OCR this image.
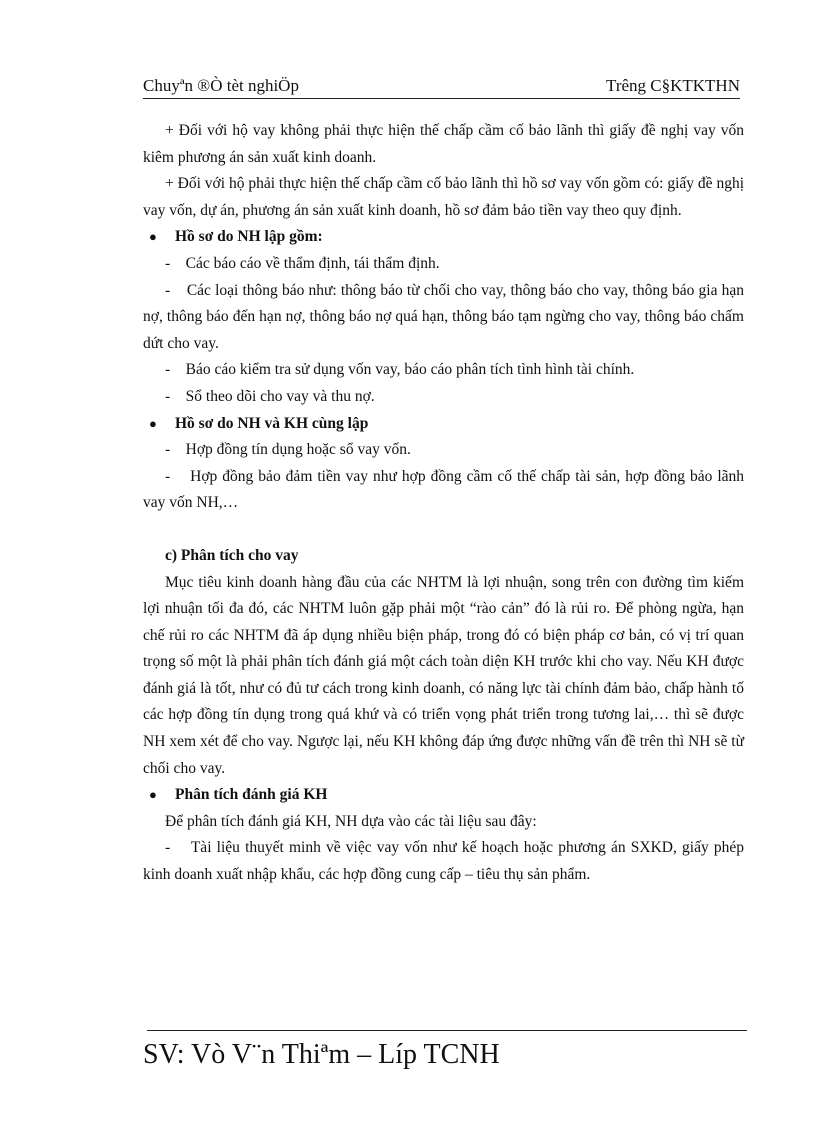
Chuyªn ®Ò tèt nghiÖp	Trêng C§KTKTHN

+ Đối với hộ vay không phải thực hiện thế chấp cầm cố bảo lãnh thì giấy đề nghị vay vốn kiêm phương án sản xuất kinh doanh.

+ Đối với hộ phải thực hiện thế chấp cầm cố bảo lãnh thì hồ sơ vay vốn gồm có: giấy đề nghị vay vốn, dự án, phương án sản xuất kinh doanh, hồ sơ đảm bảo tiền vay theo quy định.

●	Hồ sơ do NH lập gồm:

- Các báo cáo về thẩm định, tái thẩm định.

- Các loại thông báo như: thông báo từ chối cho vay, thông báo cho vay, thông báo gia hạn nợ, thông báo đến hạn nợ, thông báo nợ quá hạn, thông báo tạm ngừng cho vay, thông báo chấm dứt cho vay.

- Báo cáo kiểm tra sử dụng vốn vay, báo cáo phân tích tình hình tài chính.

- Sổ theo dõi cho vay và thu nợ.

●	Hồ sơ do NH và KH cùng lập

- Hợp đồng tín dụng hoặc sổ vay vốn.

- Hợp đồng bảo đảm tiền vay như hợp đồng cầm cố thế chấp tài sản, hợp đồng bảo lãnh vay vốn NH,…

c) Phân tích cho vay

Mục tiêu kinh doanh hàng đầu của các NHTM là lợi nhuận, song trên con đường tìm kiếm lợi nhuận tối đa đó, các NHTM luôn gặp phải một “rào cản” đó là rủi ro. Để phòng ngừa, hạn chế rủi ro các NHTM đã áp dụng nhiều biện pháp, trong đó có biện pháp cơ bản, có vị trí quan trọng số một là phải phân tích đánh giá một cách toàn diện KH trước khi cho vay. Nếu KH được đánh giá là tốt, như có đủ tư cách trong kinh doanh, có năng lực tài chính đảm bảo, chấp hành tố các hợp đồng tín dụng trong quá khứ và có triển vọng phát triển trong tương lai,… thì sẽ được NH xem xét để cho vay. Ngược lại, nếu KH không đáp ứng được những vấn đề trên thì NH sẽ từ chối cho vay.

●	Phân tích đánh giá KH

Để phân tích đánh giá KH, NH dựa vào các tài liệu sau đây:

- Tài liệu thuyết minh về việc vay vốn như kế hoạch hoặc phương án SXKD, giấy phép kinh doanh xuất nhập khẩu, các hợp đồng cung cấp – tiêu thụ sản phẩm.

SV: Vò V¨n Thiªm – Líp TCNH
